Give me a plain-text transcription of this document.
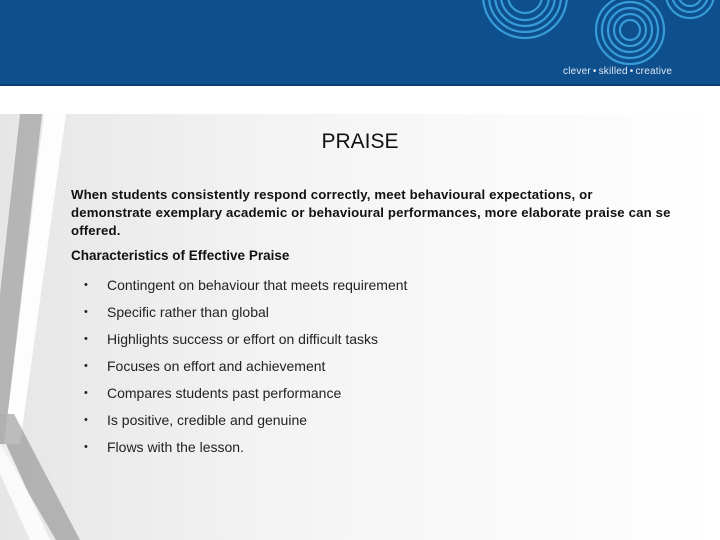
clever • skilled • creative
PRAISE
When students consistently respond correctly, meet behavioural expectations, or demonstrate exemplary academic or behavioural performances, more elaborate praise can se offered.
Characteristics of Effective Praise
•	Contingent on behaviour that meets requirement
•	Specific rather than global
•	Highlights success or effort on difficult tasks
•	Focuses on effort and achievement
•	Compares students past performance
•	Is positive, credible and genuine
•	Flows with the lesson.
